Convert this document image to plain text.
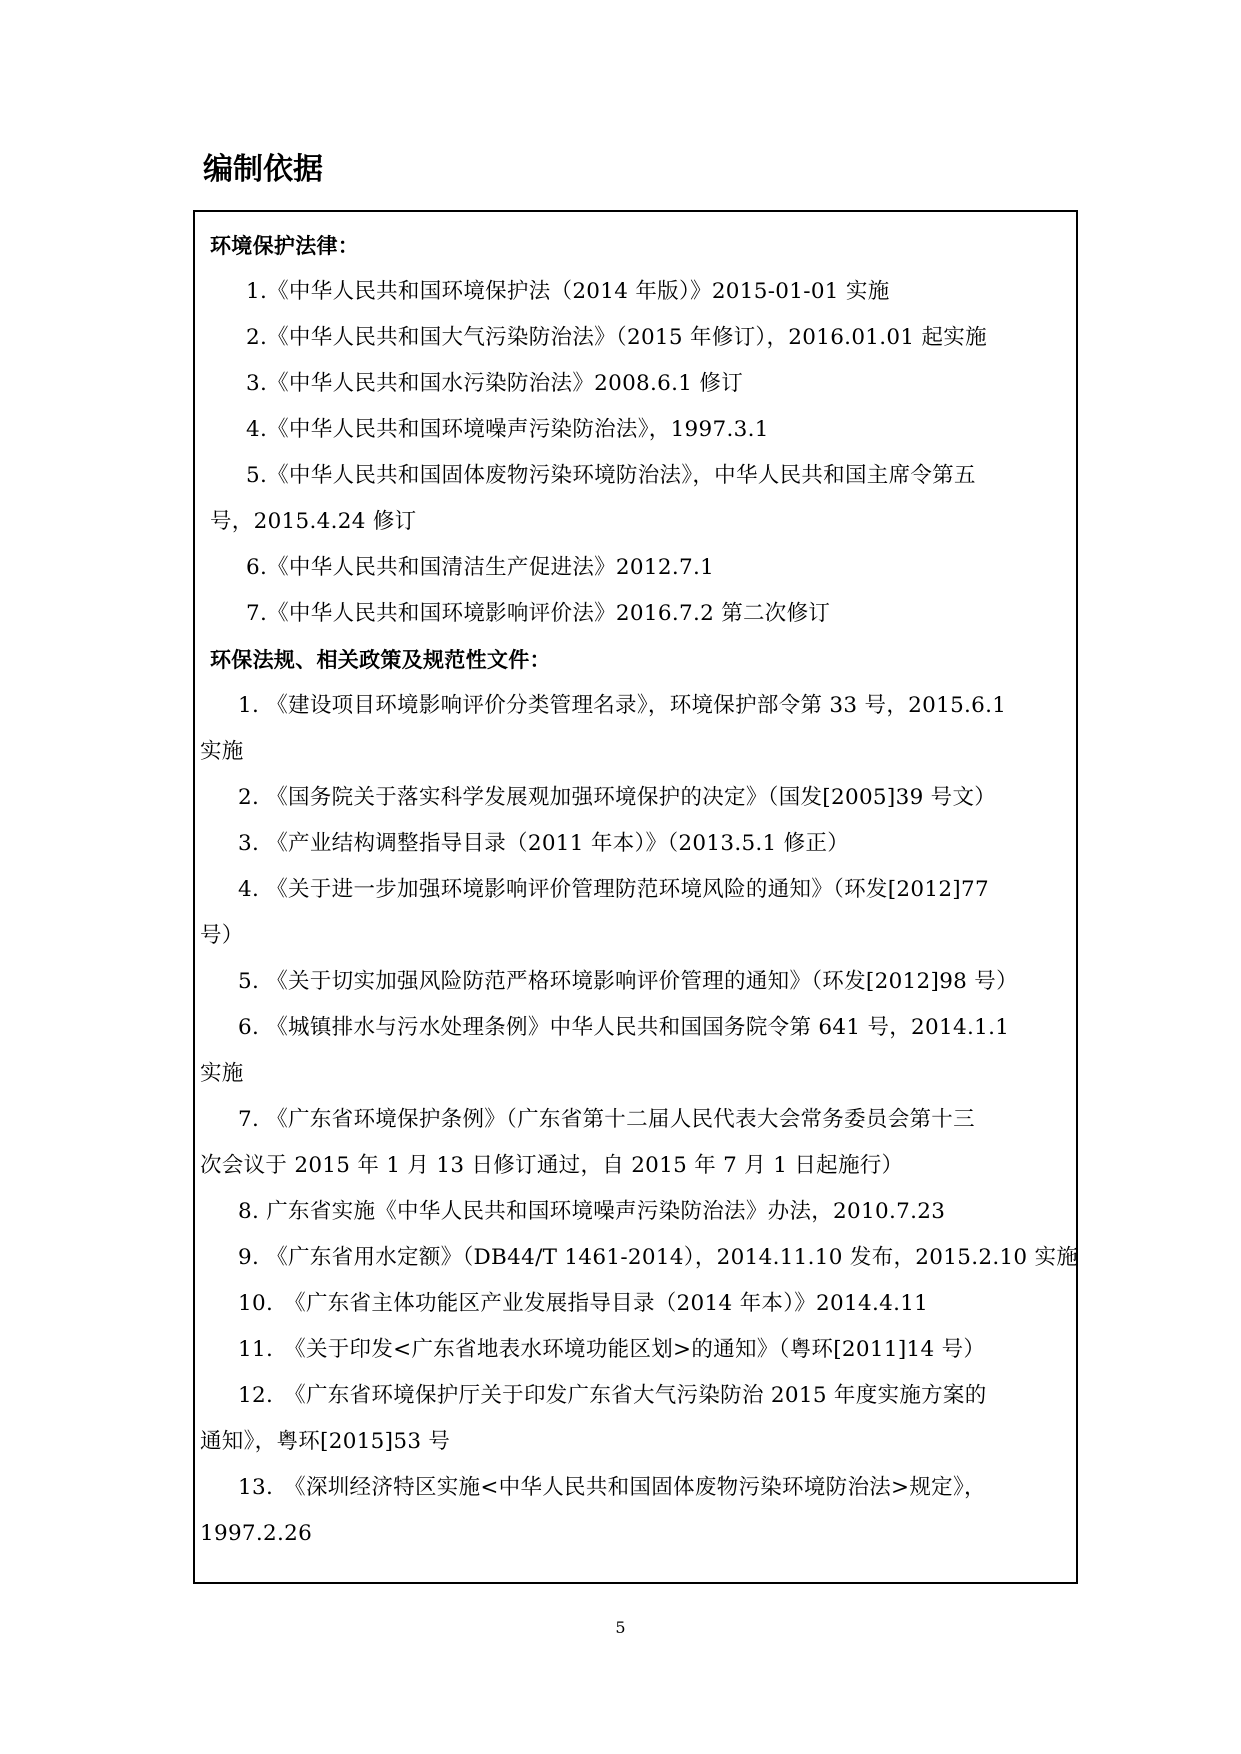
编制依据
环境保护法律：
1.《中华人民共和国环境保护法（2014 年版）》2015-01-01 实施
2.《中华人民共和国大气污染防治法》（2015 年修订），2016.01.01 起实施
3.《中华人民共和国水污染防治法》2008.6.1 修订
4.《中华人民共和国环境噪声污染防治法》，1997.3.1
5.《中华人民共和国固体废物污染环境防治法》，中华人民共和国主席令第五
号，2015.4.24 修订
6.《中华人民共和国清洁生产促进法》2012.7.1
7.《中华人民共和国环境影响评价法》2016.7.2 第二次修订
环保法规、相关政策及规范性文件：
1. 《建设项目环境影响评价分类管理名录》，环境保护部令第 33 号，2015.6.1
实施
2. 《国务院关于落实科学发展观加强环境保护的决定》（国发[2005]39 号文）
3. 《产业结构调整指导目录（2011 年本）》（2013.5.1 修正）
4. 《关于进一步加强环境影响评价管理防范环境风险的通知》（环发[2012]77
号）
5. 《关于切实加强风险防范严格环境影响评价管理的通知》（环发[2012]98 号）
6. 《城镇排水与污水处理条例》中华人民共和国国务院令第 641 号，2014.1.1
实施
7. 《广东省环境保护条例》（广东省第十二届人民代表大会常务委员会第十三
次会议于 2015 年 1 月 13 日修订通过，自 2015 年 7 月 1 日起施行）
8. 广东省实施《中华人民共和国环境噪声污染防治法》办法，2010.7.23
9. 《广东省用水定额》（DB44/T 1461-2014），2014.11.10 发布，2015.2.10 实施
10.　《广东省主体功能区产业发展指导目录（2014 年本）》2014.4.11
11.　《关于印发<广东省地表水环境功能区划>的通知》（粤环[2011]14 号）
12.　《广东省环境保护厅关于印发广东省大气污染防治 2015 年度实施方案的
通知》，粤环[2015]53 号
13.　《深圳经济特区实施<中华人民共和国固体废物污染环境防治法>规定》，
1997.2.26
5
